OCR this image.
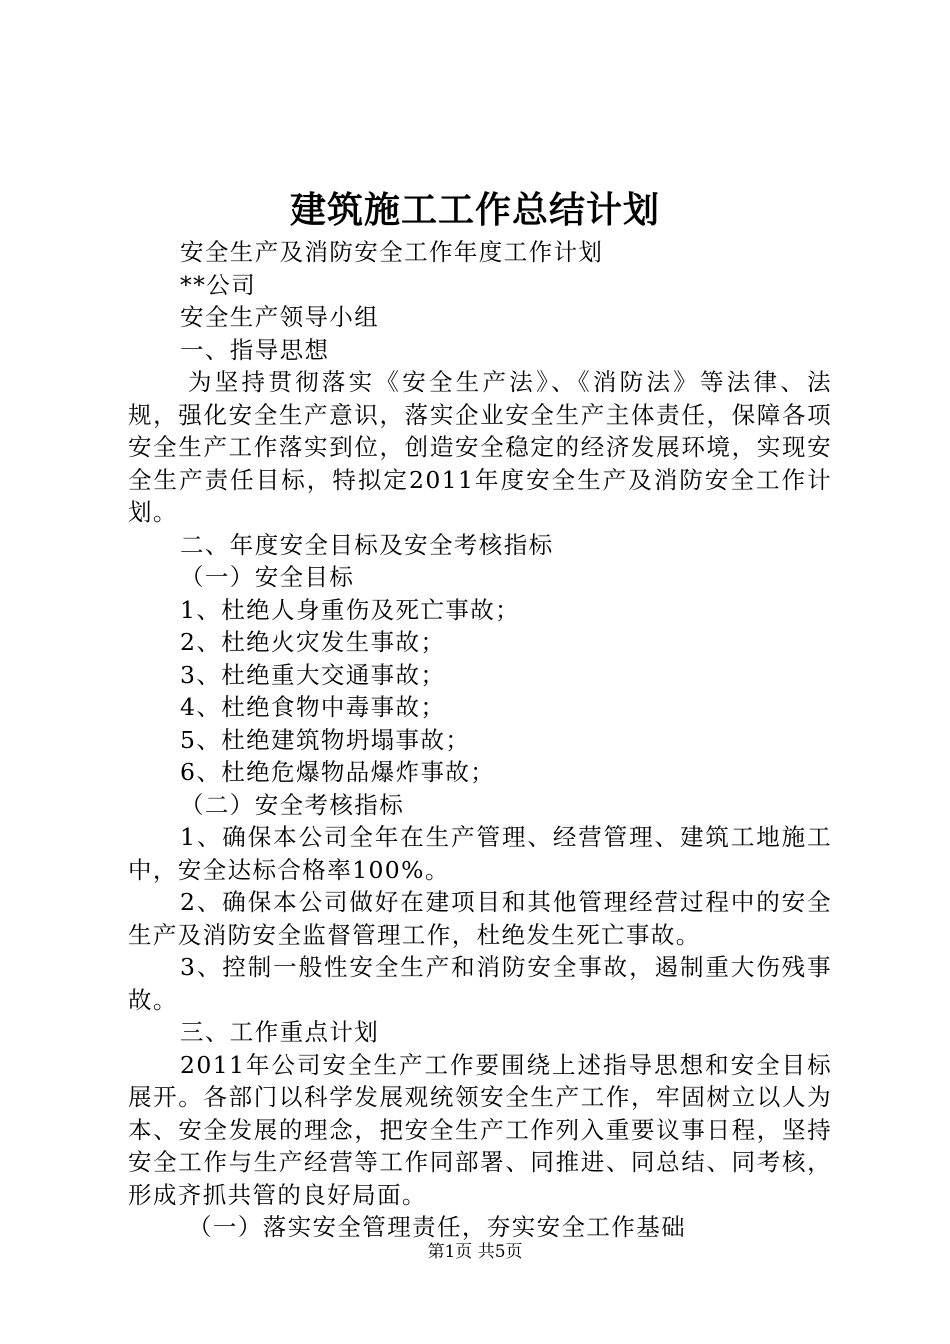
建筑施工工作总结计划

安全生产及消防安全工作年度工作计划

**公司

安全生产领导小组

一、指导思想

为坚持贯彻落实《安全生产法》、《消防法》等法律、法规，强化安全生产意识，落实企业安全生产主体责任，保障各项安全生产工作落实到位，创造安全稳定的经济发展环境，实现安全生产责任目标，特拟定2011年度安全生产及消防安全工作计划。

二、年度安全目标及安全考核指标

（一）安全目标

1、杜绝人身重伤及死亡事故；

2、杜绝火灾发生事故；

3、杜绝重大交通事故；

4、杜绝食物中毒事故；

5、杜绝建筑物坍塌事故；

6、杜绝危爆物品爆炸事故；

（二）安全考核指标

1、确保本公司全年在生产管理、经营管理、建筑工地施工中，安全达标合格率100%。

2、确保本公司做好在建项目和其他管理经营过程中的安全生产及消防安全监督管理工作，杜绝发生死亡事故。

3、控制一般性安全生产和消防安全事故，遏制重大伤残事故。

三、工作重点计划

2011年公司安全生产工作要围绕上述指导思想和安全目标展开。各部门以科学发展观统领安全生产工作，牢固树立以人为本、安全发展的理念，把安全生产工作列入重要议事日程，坚持安全工作与生产经营等工作同部署、同推进、同总结、同考核，形成齐抓共管的良好局面。

（一）落实安全管理责任，夯实安全工作基础

第1页 共5页
